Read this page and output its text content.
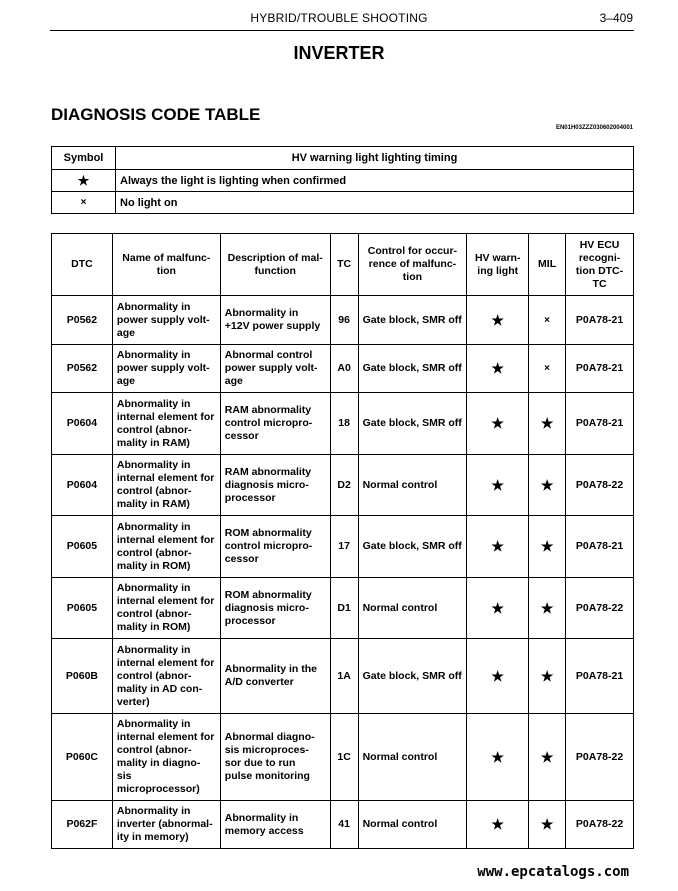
HYBRID/TROUBLE SHOOTING	3–409
INVERTER
DIAGNOSIS CODE TABLE
EN01H03ZZZ030602004001
Symbol	HV warning light lighting timing
★	Always the light is lighting when confirmed
×	No light on
DTC	Name of malfunc- tion	Description of mal- function	TC	Control for occur- rence of malfunc- tion	HV warn- ing light	MIL	HV ECU recogni- tion DTC-TC
P0562	Abnormality in power supply volt- age	Abnormality in +12V power supply	96	Gate block, SMR off	★	×	P0A78-21
P0562	Abnormality in power supply volt- age	Abnormal control power supply volt- age	A0	Gate block, SMR off	★	×	P0A78-21
P0604	Abnormality in internal element for control (abnor- mality in RAM)	RAM abnormality control micropro- cessor	18	Gate block, SMR off	★	★	P0A78-21
P0604	Abnormality in internal element for control (abnor- mality in RAM)	RAM abnormality diagnosis micro- processor	D2	Normal control	★	★	P0A78-22
P0605	Abnormality in internal element for control (abnor- mality in ROM)	ROM abnormality control micropro- cessor	17	Gate block, SMR off	★	★	P0A78-21
P0605	Abnormality in internal element for control (abnor- mality in ROM)	ROM abnormality diagnosis micro- processor	D1	Normal control	★	★	P0A78-22
P060B	Abnormality in internal element for control (abnor- mality in AD con- verter)	Abnormality in the A/D converter	1A	Gate block, SMR off	★	★	P0A78-21
P060C	Abnormality in internal element for control (abnor- mality in diagno- sis microprocessor)	Abnormal diagno- sis microproces- sor due to run pulse monitoring	1C	Normal control	★	★	P0A78-22
P062F	Abnormality in inverter (abnormal- ity in memory)	Abnormality in memory access	41	Normal control	★	★	P0A78-22
www.epcatalogs.com
